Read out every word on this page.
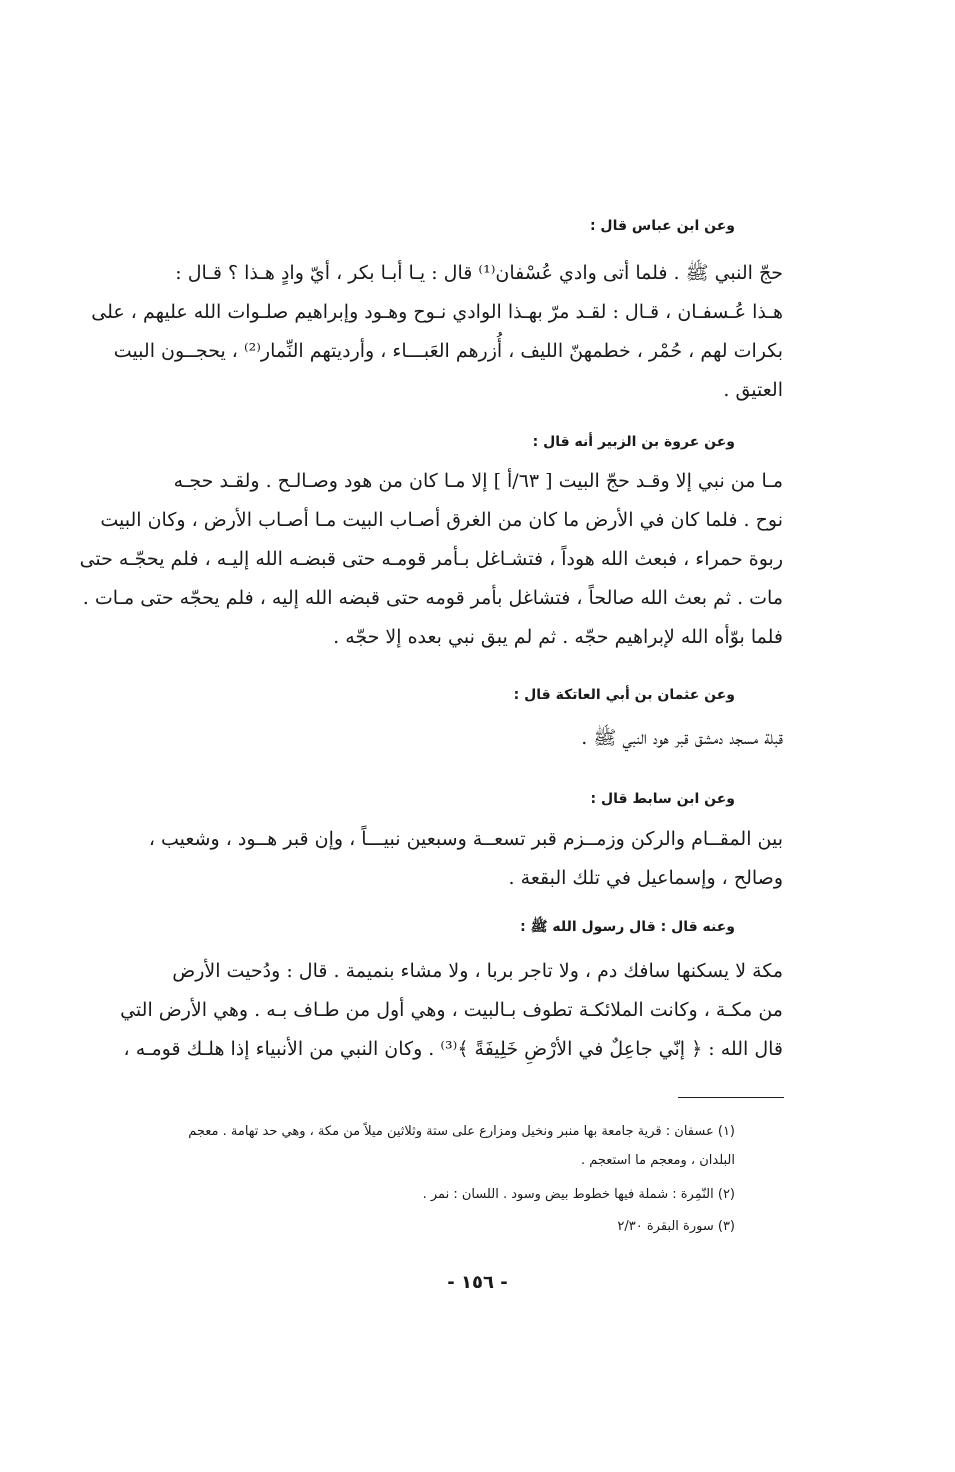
وعن ابن عباس قال :
حجّ النبي ﷺ . فلما أتى وادي عُسْفان⁽¹⁾ قال : يـا أبـا بكر ، أيّ وادٍ هـذا ؟ قـال :
هـذا عُـسفـان ، قـال : لقـد مرّ بهـذا الوادي نـوح وهـود وإبراهيم صلـوات الله عليهم ، على
بكرات لهم ، حُمْر ، خطمهنّ الليف ، أُزرهم العَبـــاء ، وأرديتهم النِّمار⁽²⁾ ، يحجــون البيت
العتيق .
وعن عروة بن الزبير أنه قال :
مـا من نبي إلا وقـد حجّ البيت [ ٦٣/أ ] إلا مـا كان من هود وصـالـح . ولقـد حجـه
نوح . فلما كان في الأرض ما كان من الغرق أصـاب البيت مـا أصـاب الأرض ، وكان البيت
ربوة حمراء ، فبعث الله هوداً ، فتشـاغل بـأمر قومـه حتى قبضـه الله إليـه ، فلم يحجّـه حتى
مات . ثم بعث الله صالحاً ، فتشاغل بأمر قومه حتى قبضه الله إليه ، فلم يحجّه حتى مـات .
فلما بوّأه الله لإبراهيم حجّه . ثم لم يبق نبي بعده إلا حجّه .
وعن عثمان بن أبي العاتكة قال :
قبلة مسجد دمشق قبر هود النبي ﷺ .
وعن ابن سابط قال :
بين المقــام والركن وزمــزم قبر تسعــة وسبعين نبيـــاً ، وإن قبر هــود ، وشعيب ،
وصالح ، وإسماعيل في تلك البقعة .
وعنه قال : قال رسول الله ﷺ :
مكة لا يسكنها سافك دم ، ولا تاجر بربا ، ولا مشاء بنميمة . قال : ودُحيت الأرض
من مكـة ، وكانت الملائكـة تطوف بـالبيت ، وهي أول من طـاف بـه . وهي الأرض التي
قال الله : ﴿ إنّي جاعِلٌ في الأرْضِ خَلِيفَةً ﴾⁽³⁾ . وكان النبي من الأنبياء إذا هلـك قومـه ،

(١) عسفان : قرية جامعة بها منبر ونخيل ومزارع على ستة وثلاثين ميلاً من مكة ، وهي حد تهامة . معجم البلدان ، ومعجم ما استعجم .

(٢) النّمِرة : شملة فيها خطوط بيض وسود . اللسان : نمر .

(٣) سورة البقرة ٢/٣٠

- ١٥٦ -
